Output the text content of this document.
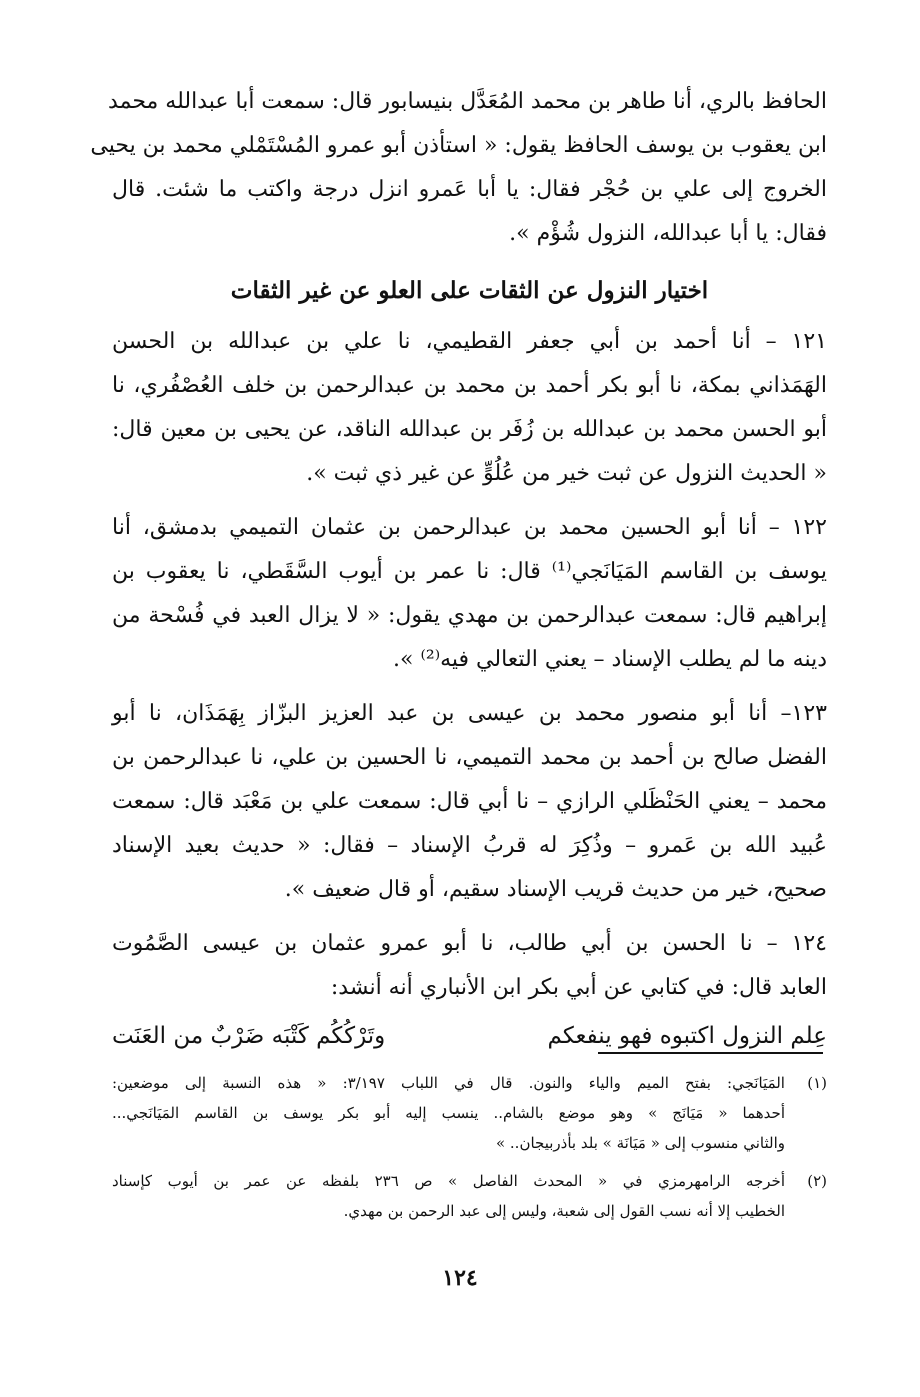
الحافظ بالري، أنا طاهر بن محمد المُعَدَّل بنيسابور قال: سمعت أبا عبدالله محمد
ابن يعقوب بن يوسف الحافظ يقول: « استأذن أبو عمرو المُسْتَمْلي محمد بن يحيى
الخروج إلى علي بن حُجْر فقال: يا أبا عَمرو انزل درجة واكتب ما شئت. قال
فقال: يا أبا عبدالله، النزول شُؤْم ».
اختيار النزول عن الثقات على العلو عن غير الثقات
١٢١ – أنا أحمد بن أبي جعفر القطيمي، نا علي بن عبدالله بن الحسن
الهَمَذاني بمكة، نا أبو بكر أحمد بن محمد بن عبدالرحمن بن خلف العُصْفُري، نا
أبو الحسن محمد بن عبدالله بن زُفَر بن عبدالله الناقد، عن يحيى بن معين قال:
« الحديث النزول عن ثبت خير من عُلُوٍّ عن غير ذي ثبت ».
١٢٢ – أنا أبو الحسين محمد بن عبدالرحمن بن عثمان التميمي بدمشق، أنا
يوسف بن القاسم المَيَانَجي⁽¹⁾ قال: نا عمر بن أيوب السَّقَطي، نا يعقوب بن
إبراهيم قال: سمعت عبدالرحمن بن مهدي يقول: « لا يزال العبد في فُسْحة من
دينه ما لم يطلب الإسناد – يعني التعالي فيه⁽²⁾ ».
١٢٣– أنا أبو منصور محمد بن عيسى بن عبد العزيز البزّاز بِهَمَذَان، نا أبو
الفضل صالح بن أحمد بن محمد التميمي، نا الحسين بن علي، نا عبدالرحمن بن
محمد – يعني الحَنْظَلي الرازي – نا أبي قال: سمعت علي بن مَعْبَد قال: سمعت
عُبيد الله بن عَمرو – وذُكِرَ له قربُ الإسناد – فقال: « حديث بعيد الإسناد
صحيح، خير من حديث قريب الإسناد سقيم، أو قال ضعيف ».
١٢٤ – نا الحسن بن أبي طالب، نا أبو عمرو عثمان بن عيسى الصَّمُوت
العابد قال: في كتابي عن أبي بكر ابن الأنباري أنه أنشد:
عِلم النزول اكتبوه فهو ينفعكم
وتَرْكُكُم كَتْبَه ضَرْبٌ من العَنَت
(١)
المَيَانَجي: بفتح الميم والياء والنون. قال في اللباب ٣/١٩٧: « هذه النسبة إلى موضعين:
أحدهما « مَيَانَج » وهو موضع بالشام.. ينسب إليه أبو بكر يوسف بن القاسم المَيَانَجي...
والثاني منسوب إلى « مَيَانَة » بلد بأذربيجان.. »
(٢)
أخرجه الرامهرمزي في « المحدث الفاصل » ص ٢٣٦ بلفظه عن عمر بن أيوب كإسناد
الخطيب إلا أنه نسب القول إلى شعبة، وليس إلى عبد الرحمن بن مهدي.
١٢٤
